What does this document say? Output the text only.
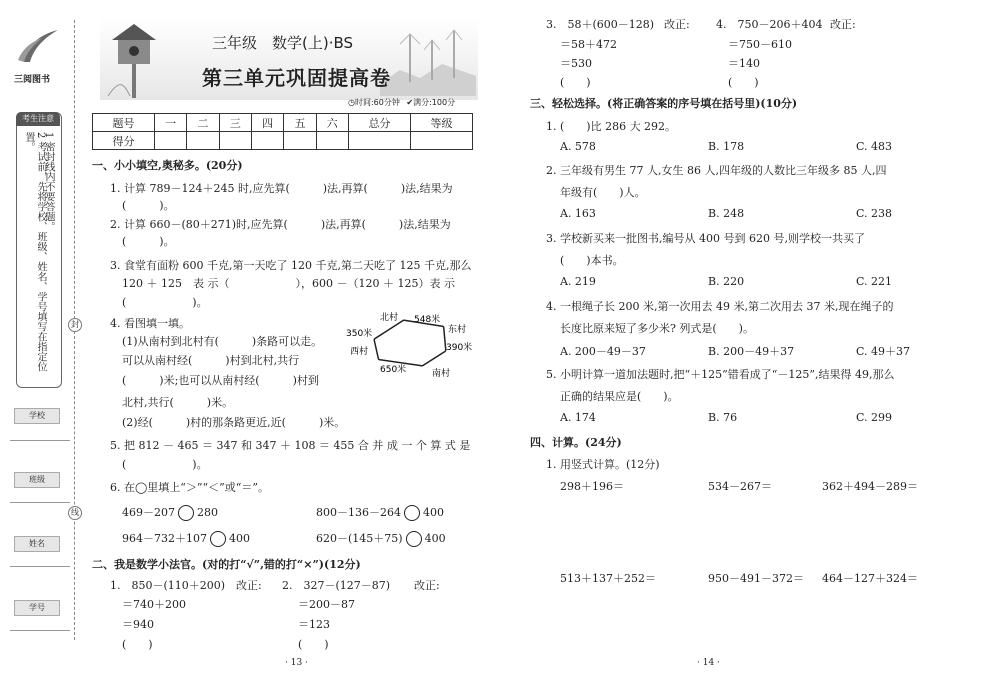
三阅图书
考生注意
1 密封线内不要答题。
2 考试前，先将学校、班级、姓名、学号填写在指定位置。
封
线
学校
班级
姓名
学号
三年级　数学(上)·BS
第三单元巩固提高卷
◷时间:60分钟 ✔满分:100分
题号	一	二	三	四	五	六	总分	等级
得分								
一、小小填空,奥秘多。(20分)
1. 计算 789－124＋245 时,应先算(　　　)法,再算(　　　)法,结果为
(　　　)。
2. 计算 660－(80＋271)时,应先算(　　　)法,再算(　　　)法,结果为
(　　　)。
3. 食堂有面粉 600 千克,第一天吃了 120 千克,第二天吃了 125 千克,那么
120 ＋ 125　表 示（　　　　　　），600 －（120 ＋ 125）表 示
(　　　　　　)。
4. 看图填一填。
(1)从南村到北村有(　　　)条路可以走。
可以从南村经(　　　)村到北村,共行
(　　　)米;也可以从南村经(　　　)村到
北村,共行(　　　)米。
(2)经(　　　)村的那条路更近,近(　　　)米。
北村 548米
东村
350米
西村	390米
650米	南村
5. 把 812 － 465 ＝ 347 和 347 ＋ 108 ＝ 455 合 并 成 一 个 算 式 是
(　　　　　　)。
6. 在◯里填上“＞”“＜”或“＝”。
469－207 280	800－136－264 400
964－732＋107 400	620－(145＋75) 400
二、我是数学小法官。(对的打“√”,错的打“×”)(12分)
1.　850－(110＋200) 改正:
＝740＋200
＝940
(　　)
2.　327－(127－87) 改正:
＝200－87
＝123
(　　)
· 13 ·
3.　58＋(600－128) 改正:
＝58＋472
＝530
(　　)
4.　750－206＋404 改正:
＝750－610
＝140
(　　)
三、轻松选择。(将正确答案的序号填在括号里)(10分)
1. (　　)比 286 大 292。
A. 578	B. 178	C. 483
2. 三年级有男生 77 人,女生 86 人,四年级的人数比三年级多 85 人,四
年级有(　　)人。
A. 163	B. 248	C. 238
3. 学校新买来一批图书,编号从 400 号到 620 号,则学校一共买了
(　　)本书。
A. 219	B. 220	C. 221
4. 一根绳子长 200 米,第一次用去 49 米,第二次用去 37 米,现在绳子的
长度比原来短了多少米? 列式是(　　)。
A. 200－49－37	B. 200－49＋37	C. 49＋37
5. 小明计算一道加法题时,把“＋125”错看成了“－125”,结果得 49,那么
正确的结果应是(　　)。
A. 174	B. 76	C. 299
四、计算。(24分)
1. 用竖式计算。(12分)
298＋196＝	534－267＝	362＋494－289＝
513＋137＋252＝	950－491－372＝ 464－127＋324＝
· 14 ·
